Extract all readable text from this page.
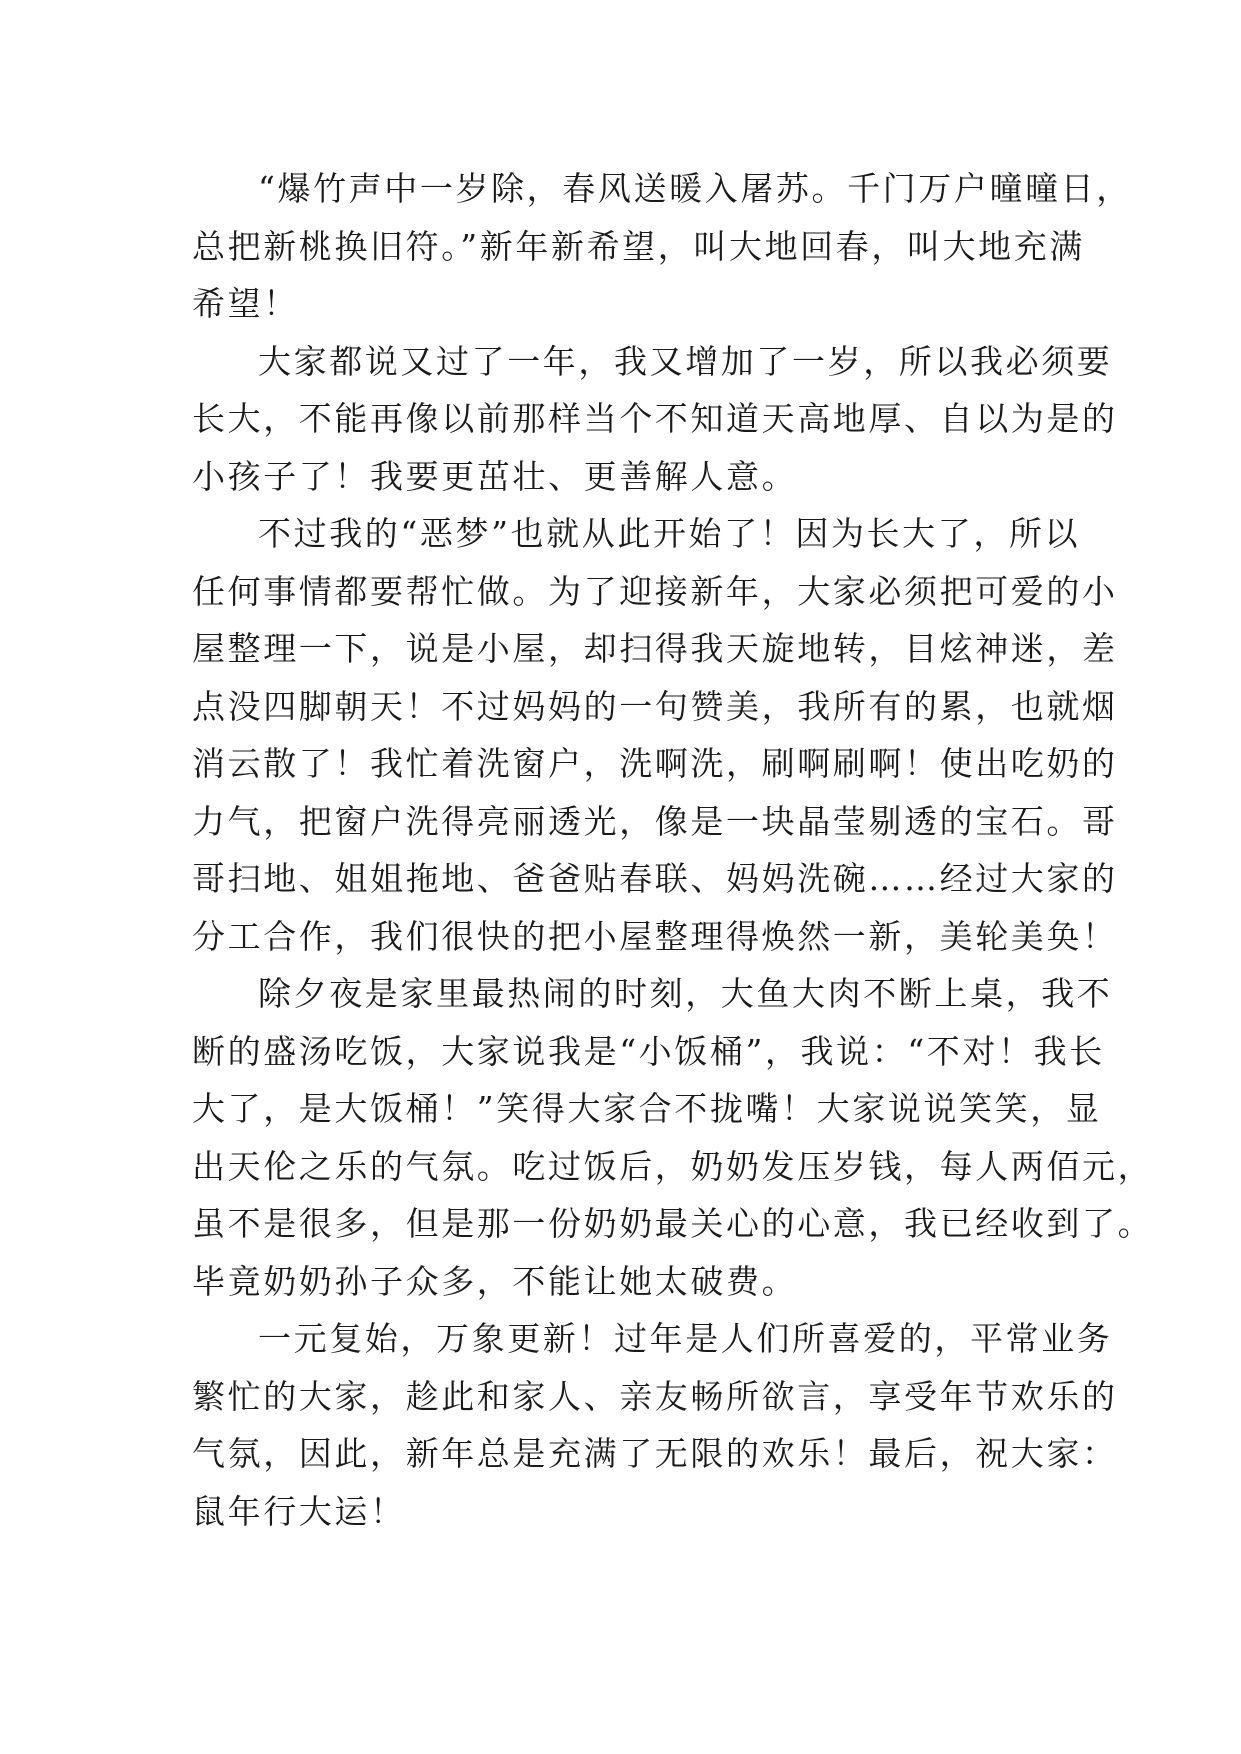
“爆竹声中一岁除，春风送暖入屠苏。千门万户曈曈日，
总把新桃换旧符。”新年新希望，叫大地回春，叫大地充满
希望！
大家都说又过了一年，我又增加了一岁，所以我必须要
长大，不能再像以前那样当个不知道天高地厚、自以为是的
小孩子了！我要更茁壮、更善解人意。
不过我的“恶梦”也就从此开始了！因为长大了，所以
任何事情都要帮忙做。为了迎接新年，大家必须把可爱的小
屋整理一下，说是小屋，却扫得我天旋地转，目炫神迷，差
点没四脚朝天！不过妈妈的一句赞美，我所有的累，也就烟
消云散了！我忙着洗窗户，洗啊洗，刷啊刷啊！使出吃奶的
力气，把窗户洗得亮丽透光，像是一块晶莹剔透的宝石。哥
哥扫地、姐姐拖地、爸爸贴春联、妈妈洗碗……经过大家的
分工合作，我们很快的把小屋整理得焕然一新，美轮美奂！
除夕夜是家里最热闹的时刻，大鱼大肉不断上桌，我不
断的盛汤吃饭，大家说我是“小饭桶”，我说：“不对！我长
大了，是大饭桶！”笑得大家合不拢嘴！大家说说笑笑，显
出天伦之乐的气氛。吃过饭后，奶奶发压岁钱，每人两佰元，
虽不是很多，但是那一份奶奶最关心的心意，我已经收到了。
毕竟奶奶孙子众多，不能让她太破费。
一元复始，万象更新！过年是人们所喜爱的，平常业务
繁忙的大家，趁此和家人、亲友畅所欲言，享受年节欢乐的
气氛，因此，新年总是充满了无限的欢乐！最后，祝大家：
鼠年行大运！
